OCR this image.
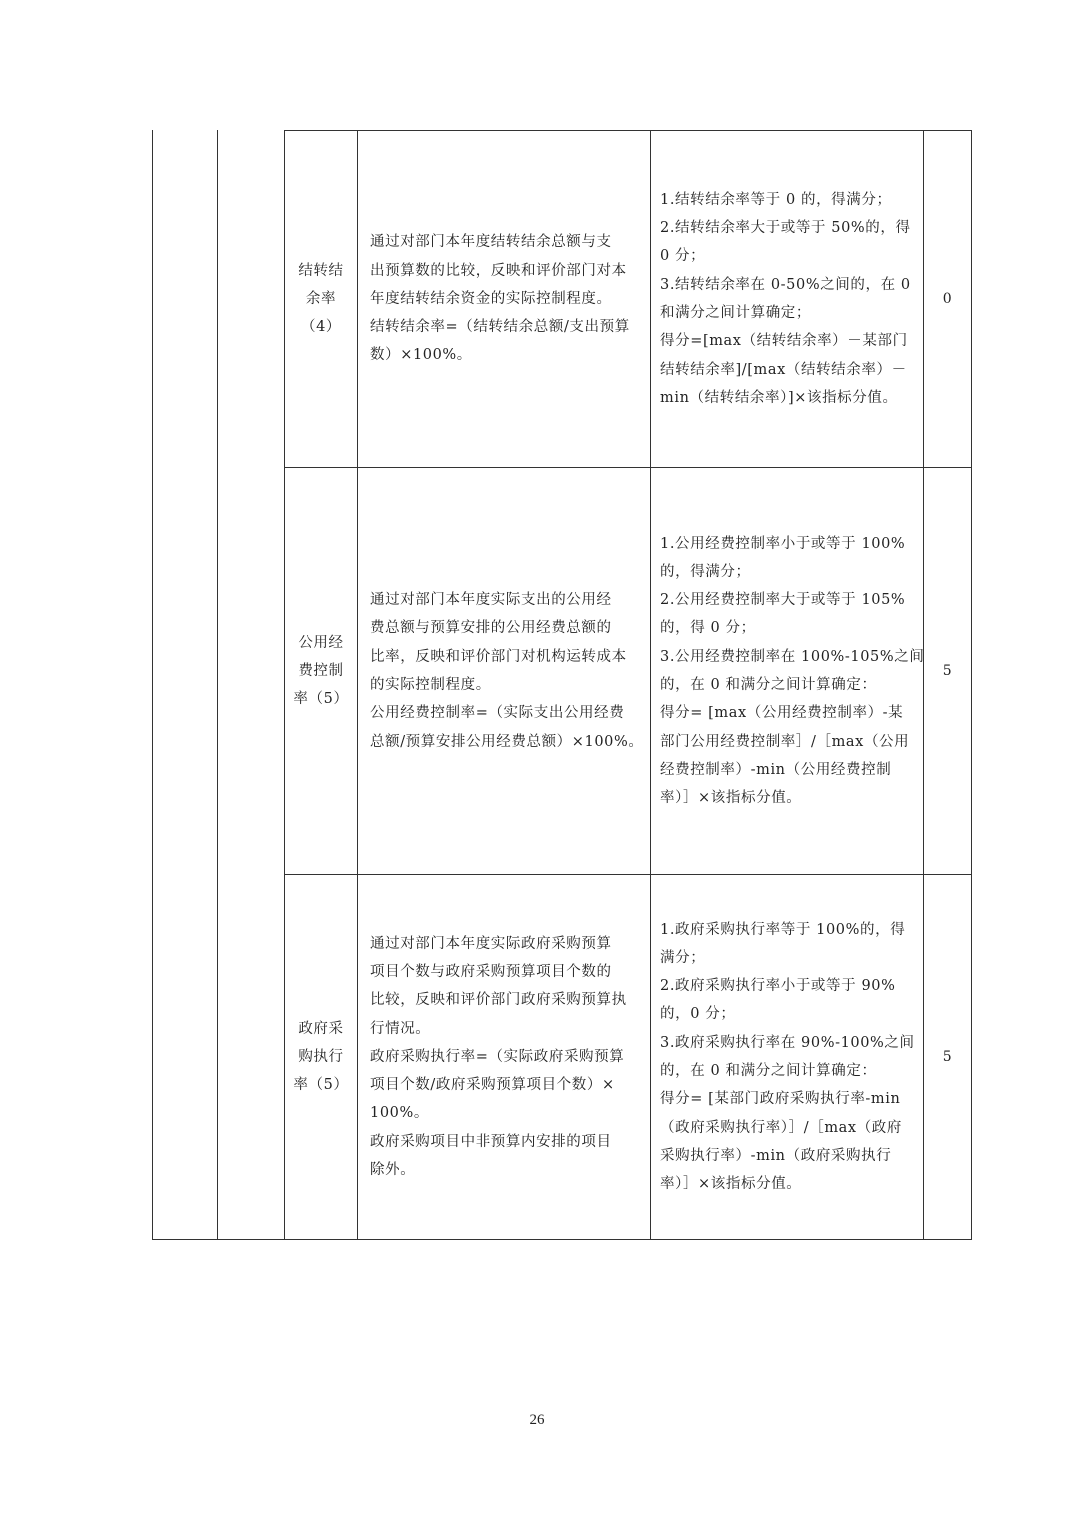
结转结
余率
（4）
通过对部门本年度结转结余总额与支
出预算数的比较，反映和评价部门对本
年度结转结余资金的实际控制程度。
结转结余率=（结转结余总额/支出预算
数）×100%。
1.结转结余率等于 0 的，得满分；
2.结转结余率大于或等于 50%的，得
0 分；
3.结转结余率在 0-50%之间的，在 0
和满分之间计算确定；
得分=[max（结转结余率）－某部门
结转结余率]/[max（结转结余率）－
min（结转结余率）]×该指标分值。
0
公用经
费控制
率（5）
通过对部门本年度实际支出的公用经
费总额与预算安排的公用经费总额的
比率，反映和评价部门对机构运转成本
的实际控制程度。
公用经费控制率=（实际支出公用经费
总额/预算安排公用经费总额）×100%。
1.公用经费控制率小于或等于 100%
的，得满分；
2.公用经费控制率大于或等于 105%
的，得 0 分；
3.公用经费控制率在 100%-105%之间
的，在 0 和满分之间计算确定：
得分= [max（公用经费控制率）-某
部门公用经费控制率］/［max（公用
经费控制率）-min（公用经费控制
率）］×该指标分值。
5
政府采
购执行
率（5）
通过对部门本年度实际政府采购预算
项目个数与政府采购预算项目个数的
比较，反映和评价部门政府采购预算执
行情况。
政府采购执行率=（实际政府采购预算
项目个数/政府采购预算项目个数）×
100%。
政府采购项目中非预算内安排的项目
除外。
1.政府采购执行率等于 100%的，得
满分；
2.政府采购执行率小于或等于 90%
的，0 分；
3.政府采购执行率在 90%-100%之间
的，在 0 和满分之间计算确定：
得分= [某部门政府采购执行率-min
（政府采购执行率）］/［max（政府
采购执行率）-min（政府采购执行
率）］×该指标分值。
5
26
